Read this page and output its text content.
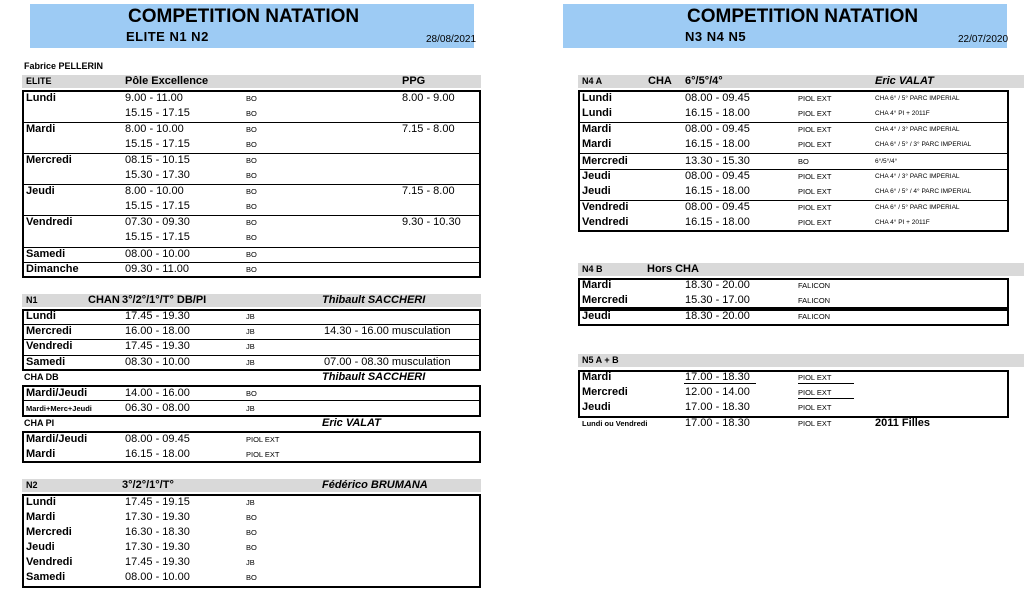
COMPETITION NATATION
ELITE N1 N2	28/08/2021
Fabrice PELLERIN
ELITE	Pôle Excellence	PPG
Lundi	9.00 - 11.00	BO	8.00 - 9.00
15.15 - 17.15	BO
Mardi	8.00 - 10.00	BO	7.15 - 8.00
15.15 - 17.15	BO
Mercredi	08.15 - 10.15	BO
15.30 - 17.30	BO
Jeudi	8.00 - 10.00	BO	7.15 - 8.00
15.15 - 17.15	BO
Vendredi	07.30 - 09.30	BO	9.30 - 10.30
15.15 - 17.15	BO
Samedi	08.00 - 10.00	BO
Dimanche	09.30 - 11.00	BO
N1	CHAN 3°/2°/1°/T° DB/PI	Thibault SACCHERI
Lundi	17.45 - 19.30	JB
Mercredi	16.00 - 18.00	JB	14.30 - 16.00 musculation
Vendredi	17.45 - 19.30	JB
Samedi	08.30 - 10.00	JB	07.00 - 08.30 musculation
CHA DB	Thibault SACCHERI
Mardi/Jeudi	14.00 - 16.00	BO
Mardi+Merc+Jeudi	06.30 - 08.00	JB
CHA PI	Eric VALAT
Mardi/Jeudi	08.00 - 09.45	PIOL EXT
Mardi	16.15 - 18.00	PIOL EXT
N2	3°/2°/1°/T°	Fédérico BRUMANA
Lundi	17.45 - 19.15	JB
Mardi	17.30 - 19.30	BO
Mercredi	16.30 - 18.30	BO
Jeudi	17.30 - 19.30	BO
Vendredi	17.45 - 19.30	JB
Samedi	08.00 - 10.00	BO
COMPETITION NATATION
N3 N4 N5	22/07/2020
N4 A	CHA 6°/5°/4°	Eric VALAT
Lundi	08.00 - 09.45	PIOL EXT	CHA 6° / 5° PARC IMPERIAL
Lundi	16.15 - 18.00	PIOL EXT	CHA 4° PI + 2011F
Mardi	08.00 - 09.45	PIOL EXT	CHA 4° / 3° PARC IMPERIAL
Mardi	16.15 - 18.00	PIOL EXT	CHA 6° / 5° / 3° PARC IMPERIAL
Mercredi	13.30 - 15.30	BO	6°/5°/4°
Jeudi	08.00 - 09.45	PIOL EXT	CHA 4° / 3° PARC IMPERIAL
Jeudi	16.15 - 18.00	PIOL EXT	CHA 6° / 5° / 4° PARC IMPERIAL
Vendredi	08.00 - 09.45	PIOL EXT	CHA 6° / 5° PARC IMPERIAL
Vendredi	16.15 - 18.00	PIOL EXT	CHA 4° PI + 2011F
N4 B	Hors CHA
Mardi	18.30 - 20.00	FALICON
Mercredi	15.30 - 17.00	FALICON
Jeudi	18.30 - 20.00	FALICON
N5 A + B
Mardi	17.00 - 18.30	PIOL EXT
Mercredi	12.00 - 14.00	PIOL EXT
Jeudi	17.00 - 18.30	PIOL EXT
Lundi ou Vendredi	17.00 - 18.30	PIOL EXT	2011 Filles
